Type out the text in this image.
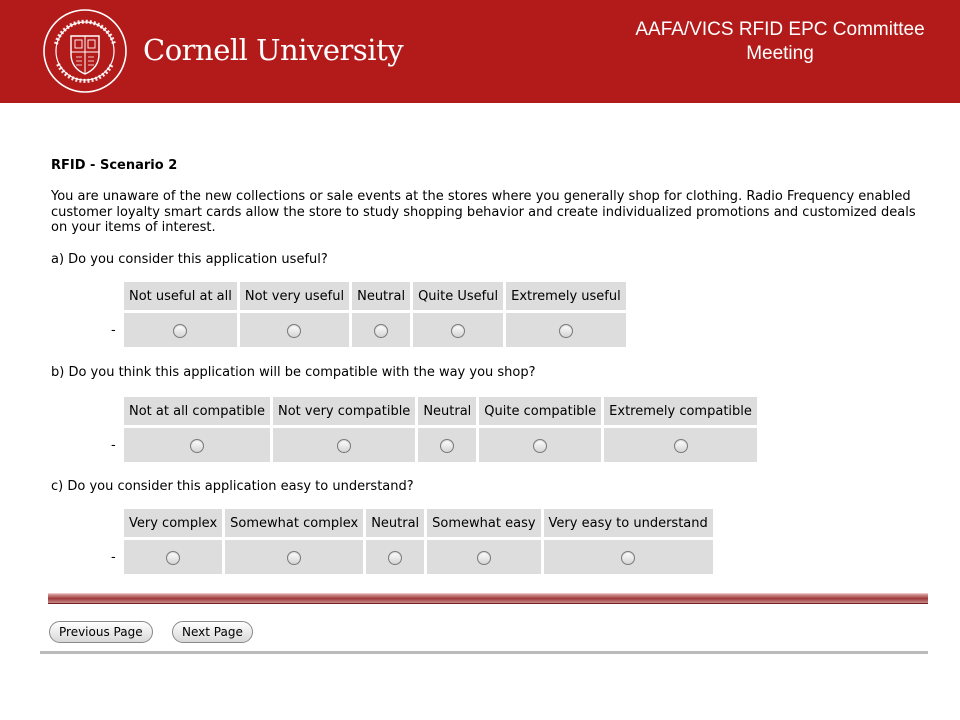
Cornell University
AAFA/VICS RFID EPC Committee
Meeting
RFID - Scenario 2
You are unaware of the new collections or sale events at the stores where you generally shop for clothing. Radio Frequency enabled customer loyalty smart cards allow the store to study shopping behavior and create individualized promotions and customized deals on your items of interest.
a) Do you consider this application useful?
	Not useful at all	Not very useful	Neutral	Quite Useful	Extremely useful
-					
b) Do you think this application will be compatible with the way you shop?
	Not at all compatible	Not very compatible	Neutral	Quite compatible	Extremely compatible
-					
c) Do you consider this application easy to understand?
	Very complex	Somewhat complex	Neutral	Somewhat easy	Very easy to understand
-					
Previous Page	Next Page
